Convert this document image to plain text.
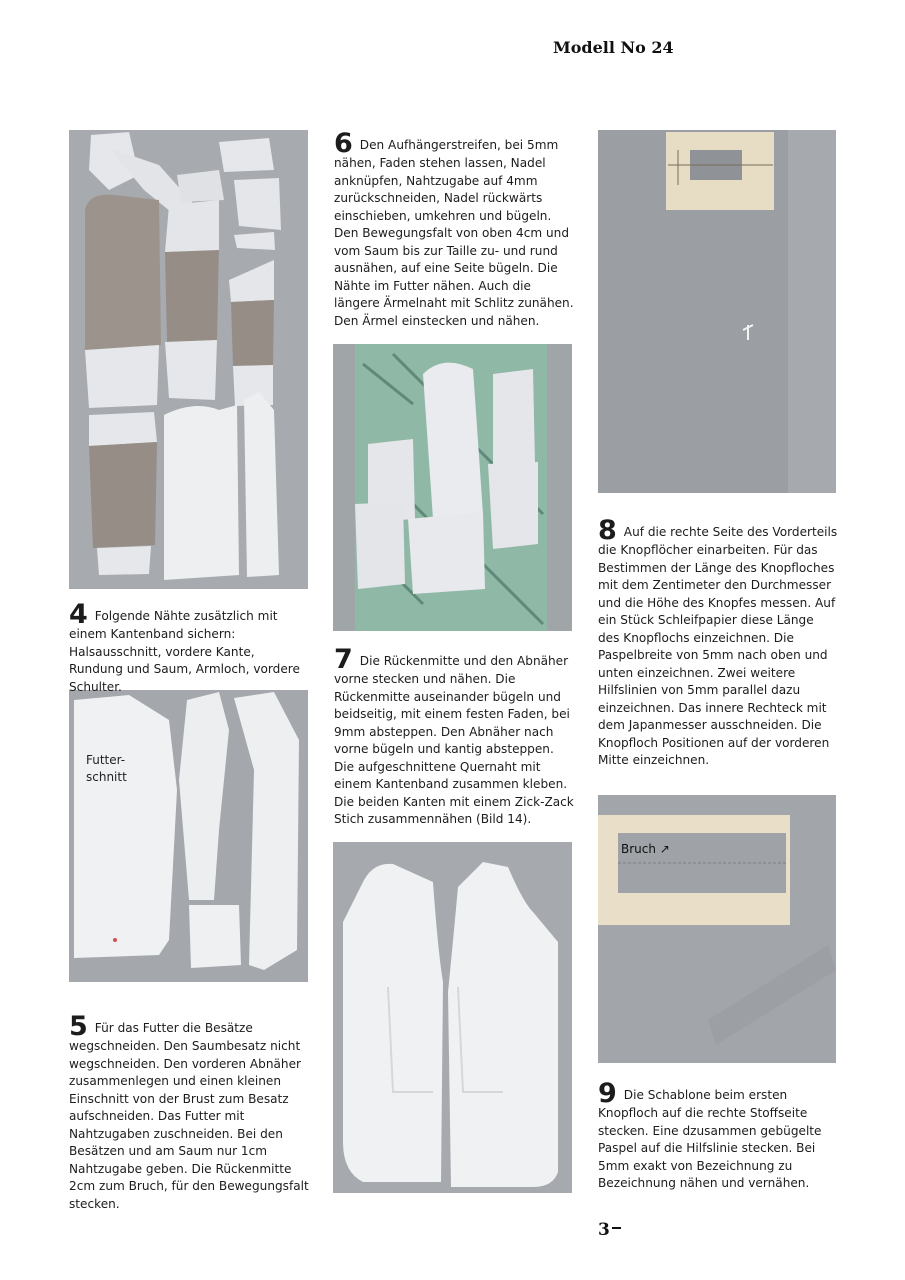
Modell No 24
Futter-
schnitt
Bruch ↗
4 Folgende Nähte zusätzlich mit einem Kantenband sichern: Halsausschnitt, vordere Kante, Rundung und Saum, Armloch, vordere Schulter.
5 Für das Futter die Besätze wegschneiden. Den Saumbesatz nicht wegschneiden. Den vorderen Abnäher zusammenlegen und einen kleinen Einschnitt von der Brust zum Besatz aufschneiden. Das Futter mit Nahtzugaben zuschneiden. Bei den Besätzen und am Saum nur 1cm Nahtzugabe geben. Die Rückenmitte 2cm zum Bruch, für den Bewegungsfalt stecken.
6 Den Aufhängerstreifen, bei 5mm nähen, Faden stehen lassen, Nadel anknüpfen, Nahtzugabe auf 4mm zurückschneiden, Nadel rückwärts einschieben, umkehren und bügeln. Den Bewegungsfalt von oben 4cm und vom Saum bis zur Taille zu- und rund ausnähen, auf eine Seite bügeln. Die Nähte im Futter nähen. Auch die längere Ärmelnaht mit Schlitz zunähen. Den Ärmel einstecken und nähen.
7 Die Rückenmitte und den Abnäher vorne stecken und nähen. Die Rückenmitte auseinander bügeln und beidseitig, mit einem festen Faden, bei 9mm absteppen. Den Abnäher nach vorne bügeln und kantig absteppen. Die aufgeschnittene Quernaht mit einem Kantenband zusammen kleben. Die beiden Kanten mit einem Zick-Zack Stich zusammennähen (Bild 14).
8 Auf die rechte Seite des Vorderteils die Knopflöcher einarbeiten. Für das Bestimmen der Länge des Knopfloches mit dem Zentimeter den Durchmesser und die Höhe des Knopfes messen. Auf ein Stück Schleifpapier diese Länge des Knopflochs einzeichnen. Die Paspelbreite von 5mm nach oben und unten einzeichnen. Zwei weitere Hilfslinien von 5mm parallel dazu einzeichnen. Das innere Rechteck mit dem Japanmesser ausschneiden. Die Knopfloch Positionen auf der vorderen Mitte einzeichnen.
9 Die Schablone beim ersten Knopfloch auf die rechte Stoffseite stecken. Eine dzusammen gebügelte Paspel auf die Hilfslinie stecken. Bei 5mm exakt von Bezeichnung zu Bezeichnung nähen und vernähen.
3
